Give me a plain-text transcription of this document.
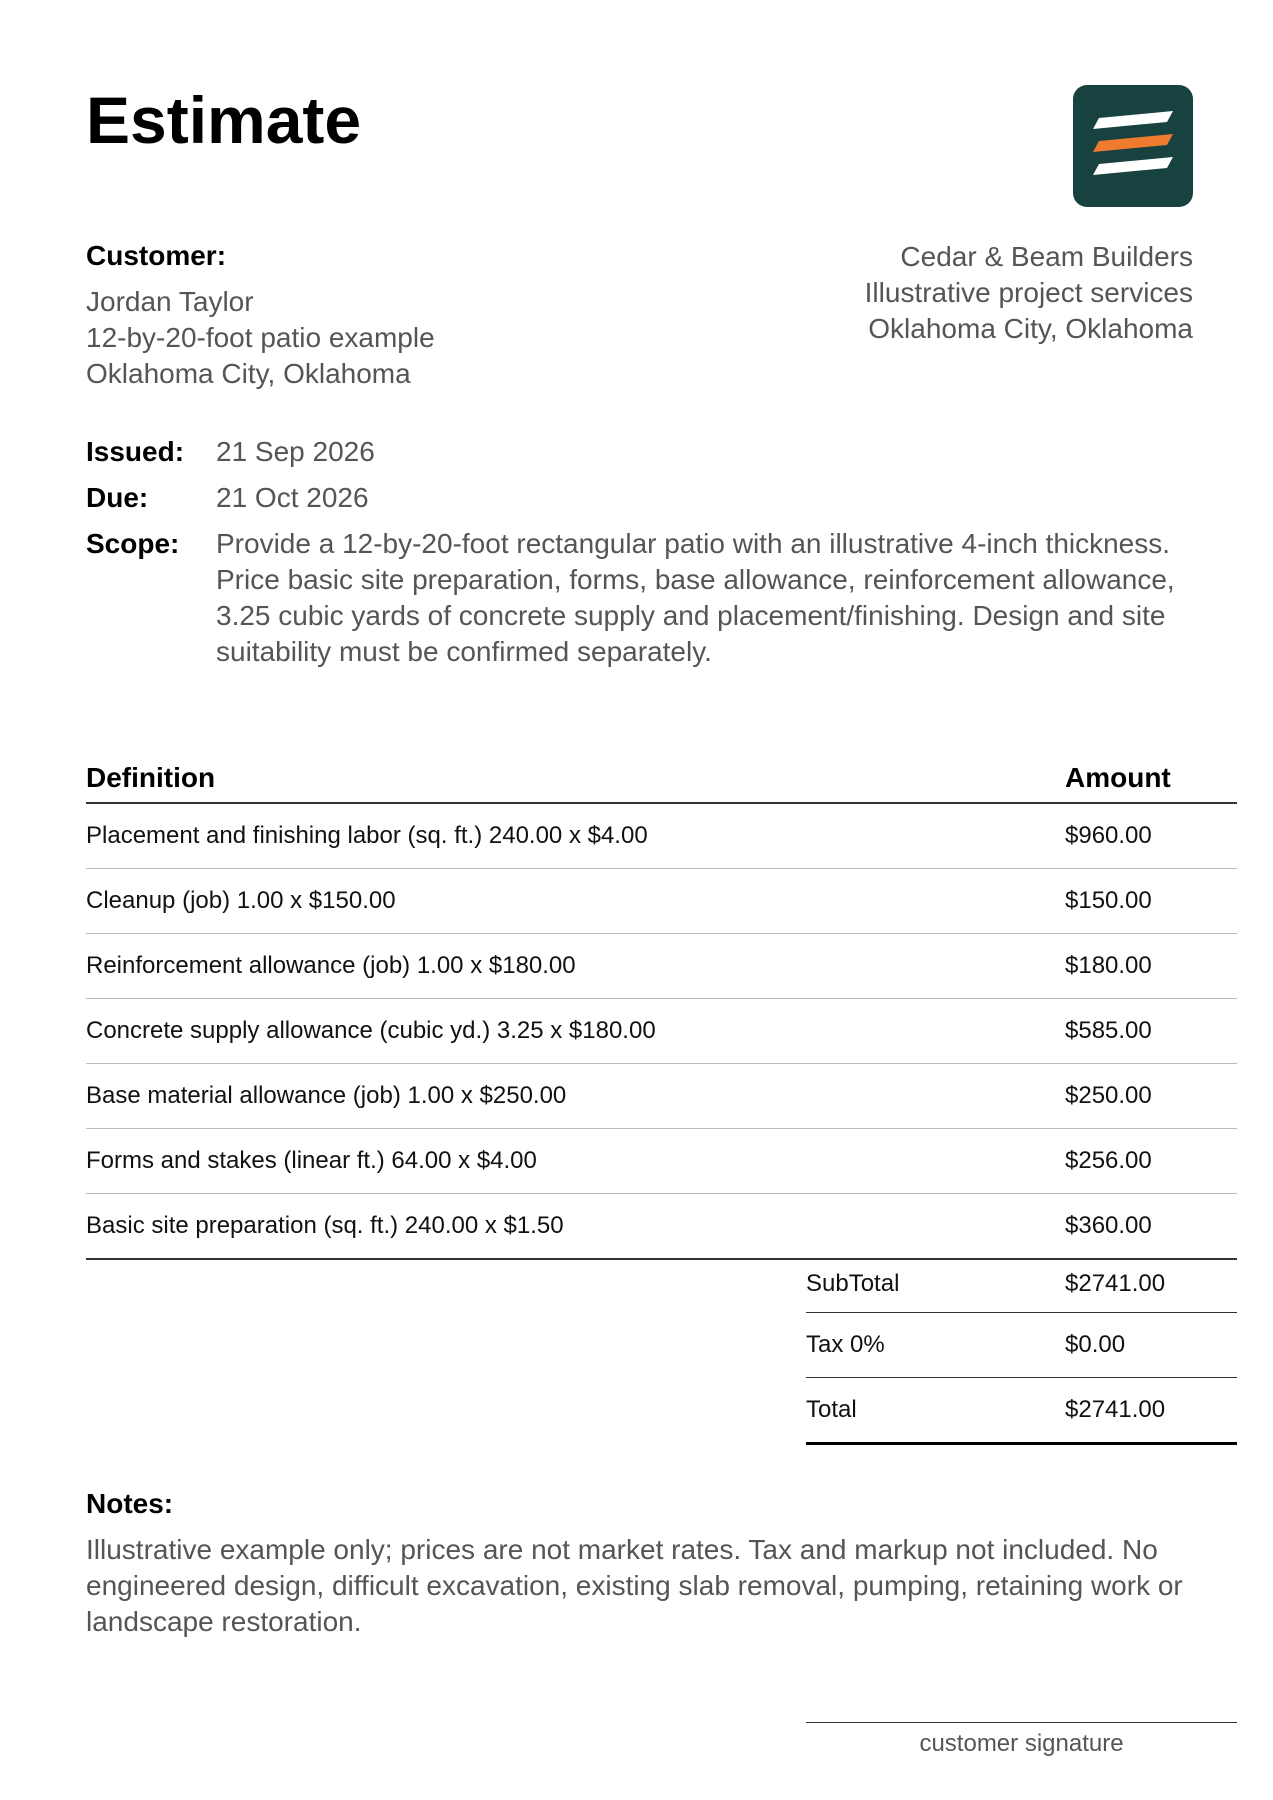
Estimate
Customer:
Jordan Taylor
12-by-20-foot patio example
Oklahoma City, Oklahoma
Cedar & Beam Builders
Illustrative project services
Oklahoma City, Oklahoma
Issued:	21 Sep 2026
Due:	21 Oct 2026
Scope:	Provide a 12-by-20-foot rectangular patio with an illustrative 4-inch thickness. Price basic site preparation, forms, base allowance, reinforcement allowance, 3.25 cubic yards of concrete supply and placement/finishing. Design and site suitability must be confirmed separately.
Definition	Amount
Placement and finishing labor (sq. ft.) 240.00 x $4.00	$960.00
Cleanup (job) 1.00 x $150.00	$150.00
Reinforcement allowance (job) 1.00 x $180.00	$180.00
Concrete supply allowance (cubic yd.) 3.25 x $180.00	$585.00
Base material allowance (job) 1.00 x $250.00	$250.00
Forms and stakes (linear ft.) 64.00 x $4.00	$256.00
Basic site preparation (sq. ft.) 240.00 x $1.50	$360.00
SubTotal	$2741.00
Tax 0%	$0.00
Total	$2741.00
Notes:
Illustrative example only; prices are not market rates. Tax and markup not included. No engineered design, difficult excavation, existing slab removal, pumping, retaining work or landscape restoration.
customer signature
